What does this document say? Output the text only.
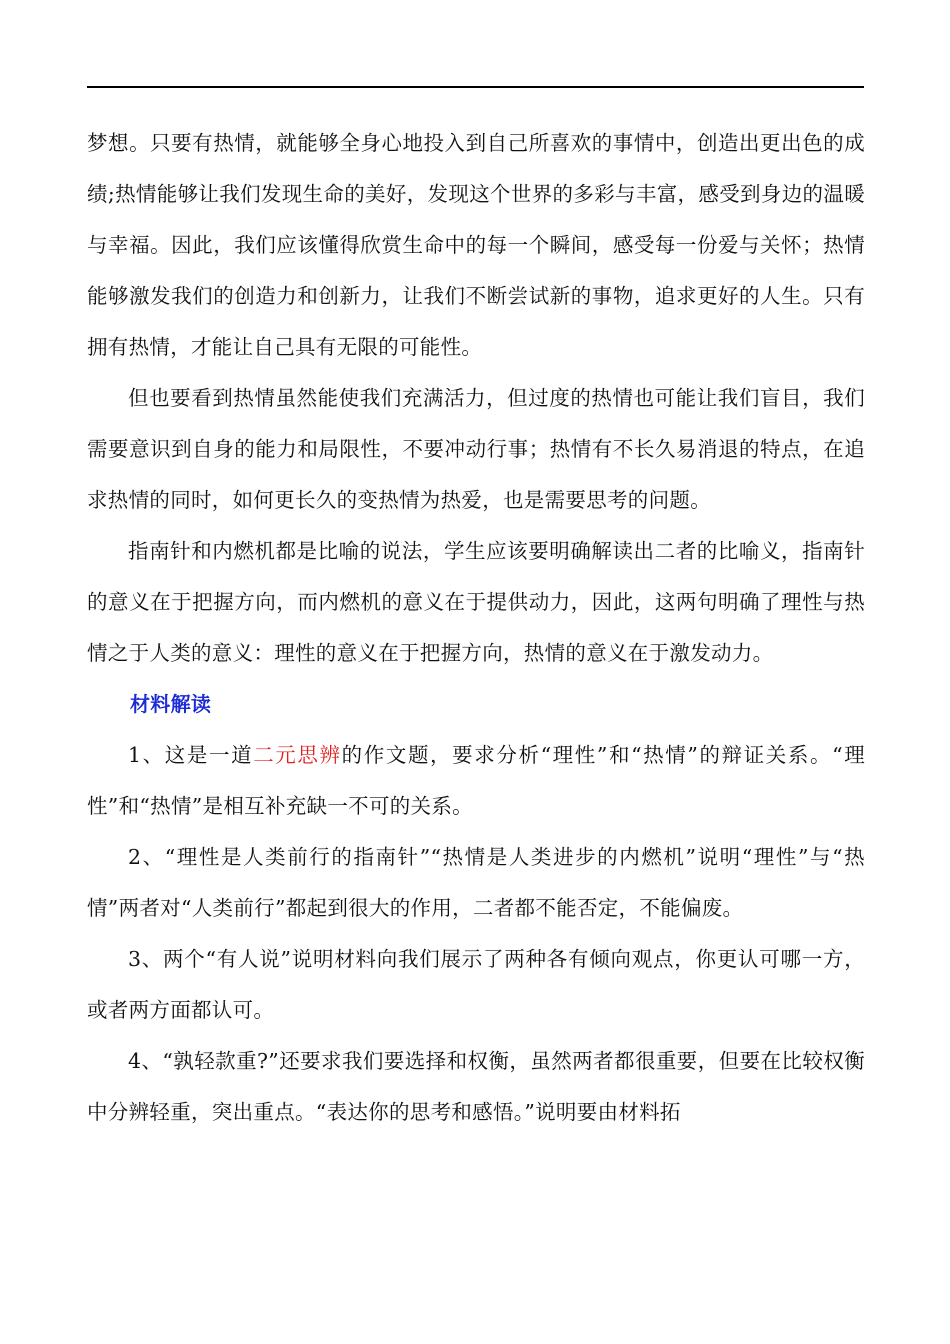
梦想。只要有热情，就能够全身心地投入到自己所喜欢的事情中，创造出更出色的成绩;热情能够让我们发现生命的美好，发现这个世界的多彩与丰富，感受到身边的温暖与幸福。因此，我们应该懂得欣赏生命中的每一个瞬间，感受每一份爱与关怀；热情能够激发我们的创造力和创新力，让我们不断尝试新的事物，追求更好的人生。只有拥有热情，才能让自己具有无限的可能性。

但也要看到热情虽然能使我们充满活力，但过度的热情也可能让我们盲目，我们需要意识到自身的能力和局限性，不要冲动行事；热情有不长久易消退的特点，在追求热情的同时，如何更长久的变热情为热爱，也是需要思考的问题。

指南针和内燃机都是比喻的说法，学生应该要明确解读出二者的比喻义，指南针的意义在于把握方向，而内燃机的意义在于提供动力，因此，这两句明确了理性与热情之于人类的意义：理性的意义在于把握方向，热情的意义在于激发动力。

材料解读

1、这是一道二元思辨的作文题，要求分析“理性”和“热情”的辩证关系。“理性”和“热情”是相互补充缺一不可的关系。

2、“理性是人类前行的指南针”“热情是人类进步的内燃机”说明“理性”与“热情”两者对“人类前行”都起到很大的作用，二者都不能否定，不能偏废。

3、两个“有人说”说明材料向我们展示了两种各有倾向观点，你更认可哪一方，或者两方面都认可。

4、“孰轻款重?”还要求我们要选择和权衡，虽然两者都很重要，但要在比较权衡中分辨轻重，突出重点。“表达你的思考和感悟。”说明要由材料拓
